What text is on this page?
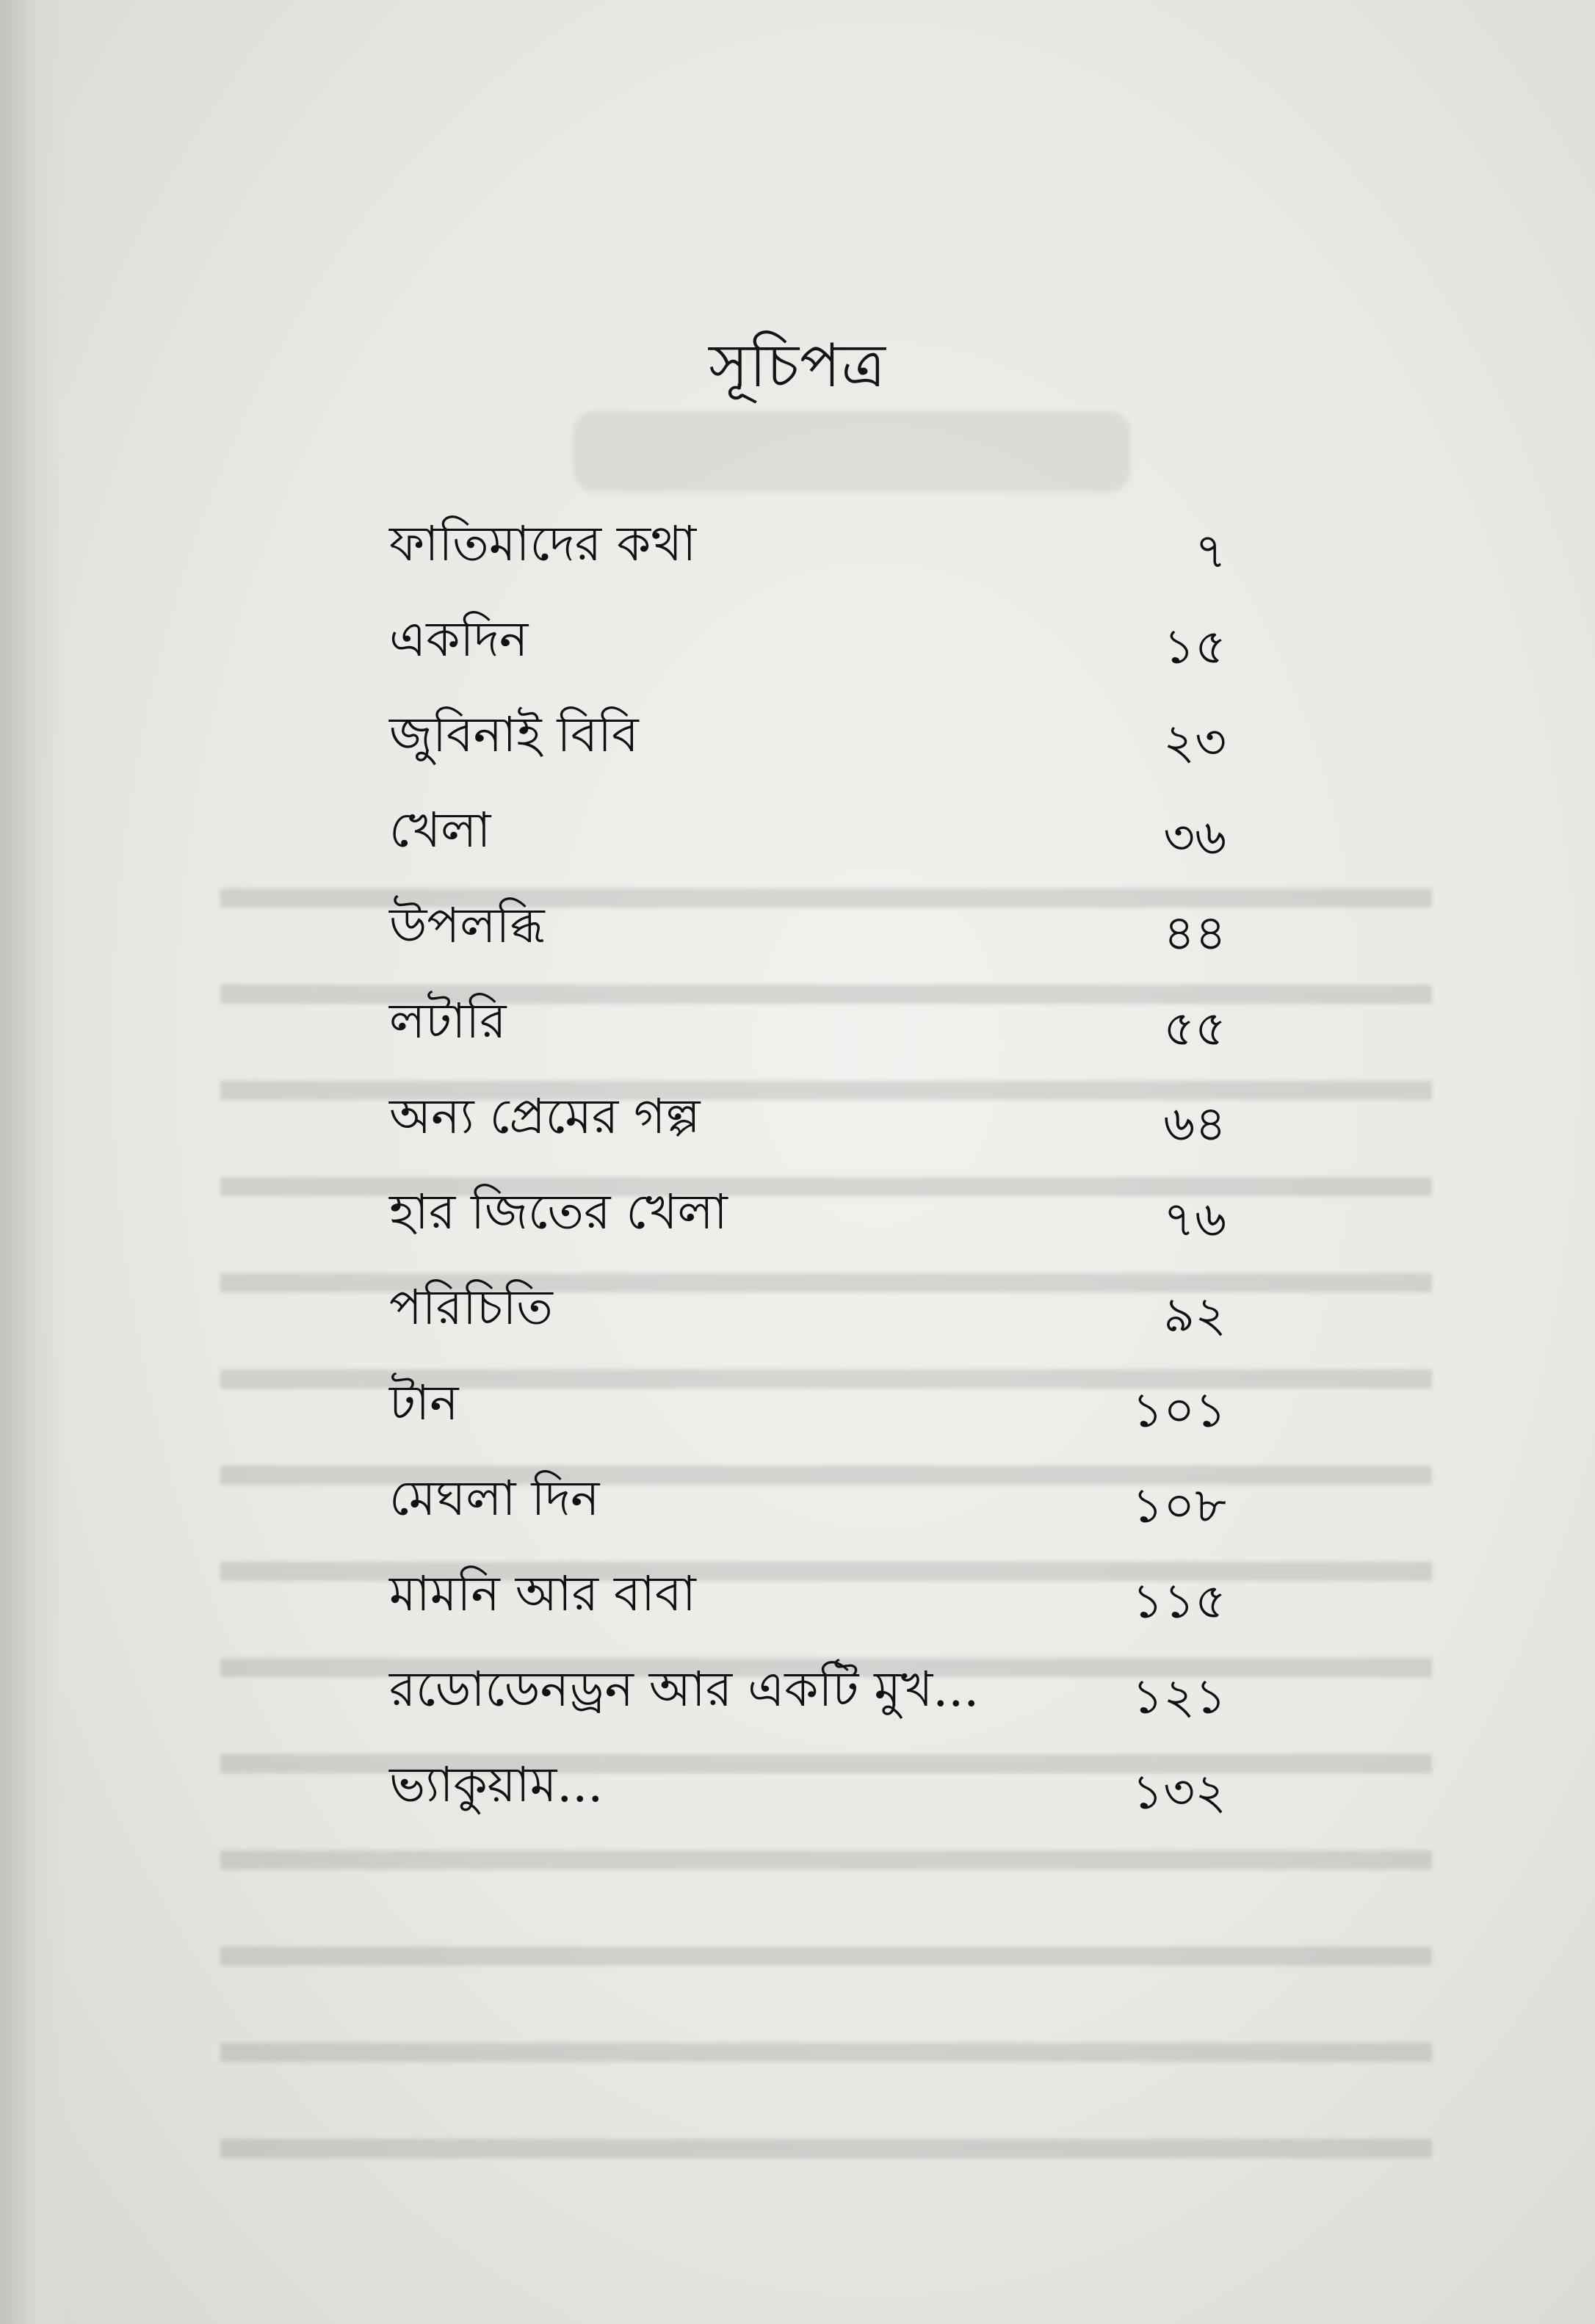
সূচিপত্র
ফাতিমাদের কথা	৭
একদিন	১৫
জুবিনাই বিবি	২৩
খেলা	৩৬
উপলব্ধি	৪৪
লটারি	৫৫
অন্য প্রেমের গল্প	৬৪
হার জিতের খেলা	৭৬
পরিচিতি	৯২
টান	১০১
মেঘলা দিন	১০৮
মামনি আর বাবা	১১৫
রডোডেনড্রন আর একটি মুখ...	১২১
ভ্যাকুয়াম...	১৩২
